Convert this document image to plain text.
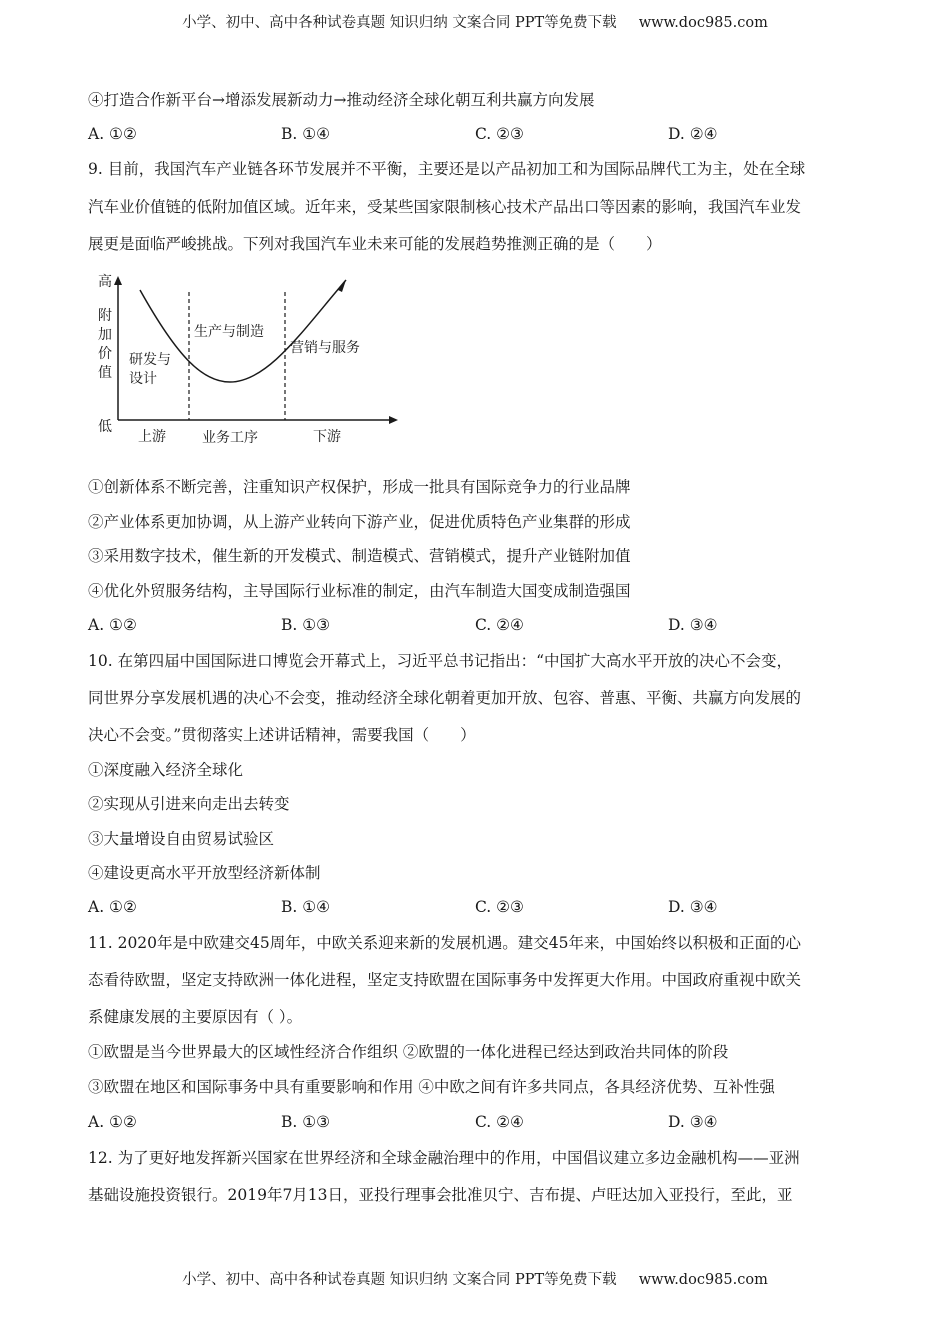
小学、初中、高中各种试卷真题 知识归纳 文案合同 PPT等免费下载 www.doc985.com
④打造合作新平台→增添发展新动力→推动经济全球化朝互利共赢方向发展
A. ①②	B. ①④	C. ②③	D. ②④
9. 目前，我国汽车产业链各环节发展并不平衡，主要还是以产品初加工和为国际品牌代工为主，处在全球
汽车业价值链的低附加值区域。近年来，受某些国家限制核心技术产品出口等因素的影响，我国汽车业发
展更是面临严峻挑战。下列对我国汽车业未来可能的发展趋势推测正确的是（　　）
高
附
加
价
值
低
研发与
设计
生产与制造
营销与服务
上游	业务工序	下游
①创新体系不断完善，注重知识产权保护，形成一批具有国际竞争力的行业品牌
②产业体系更加协调，从上游产业转向下游产业，促进优质特色产业集群的形成
③采用数字技术，催生新的开发模式、制造模式、营销模式，提升产业链附加值
④优化外贸服务结构，主导国际行业标准的制定，由汽车制造大国变成制造强国
A. ①②	B. ①③	C. ②④	D. ③④
10. 在第四届中国国际进口博览会开幕式上，习近平总书记指出：“中国扩大高水平开放的决心不会变，
同世界分享发展机遇的决心不会变，推动经济全球化朝着更加开放、包容、普惠、平衡、共赢方向发展的
决心不会变。”贯彻落实上述讲话精神，需要我国（　　）
①深度融入经济全球化
②实现从引进来向走出去转变
③大量增设自由贸易试验区
④建设更高水平开放型经济新体制
A. ①②	B. ①④	C. ②③	D. ③④
11. 2020年是中欧建交45周年，中欧关系迎来新的发展机遇。建交45年来，中国始终以积极和正面的心
态看待欧盟，坚定支持欧洲一体化进程，坚定支持欧盟在国际事务中发挥更大作用。中国政府重视中欧关
系健康发展的主要原因有（ ）。
①欧盟是当今世界最大的区域性经济合作组织 ②欧盟的一体化进程已经达到政治共同体的阶段
③欧盟在地区和国际事务中具有重要影响和作用 ④中欧之间有许多共同点，各具经济优势、互补性强
A. ①②	B. ①③	C. ②④	D. ③④
12. 为了更好地发挥新兴国家在世界经济和全球金融治理中的作用，中国倡议建立多边金融机构——亚洲
基础设施投资银行。2019年7月13日，亚投行理事会批准贝宁、吉布提、卢旺达加入亚投行，至此，亚
小学、初中、高中各种试卷真题 知识归纳 文案合同 PPT等免费下载 www.doc985.com
